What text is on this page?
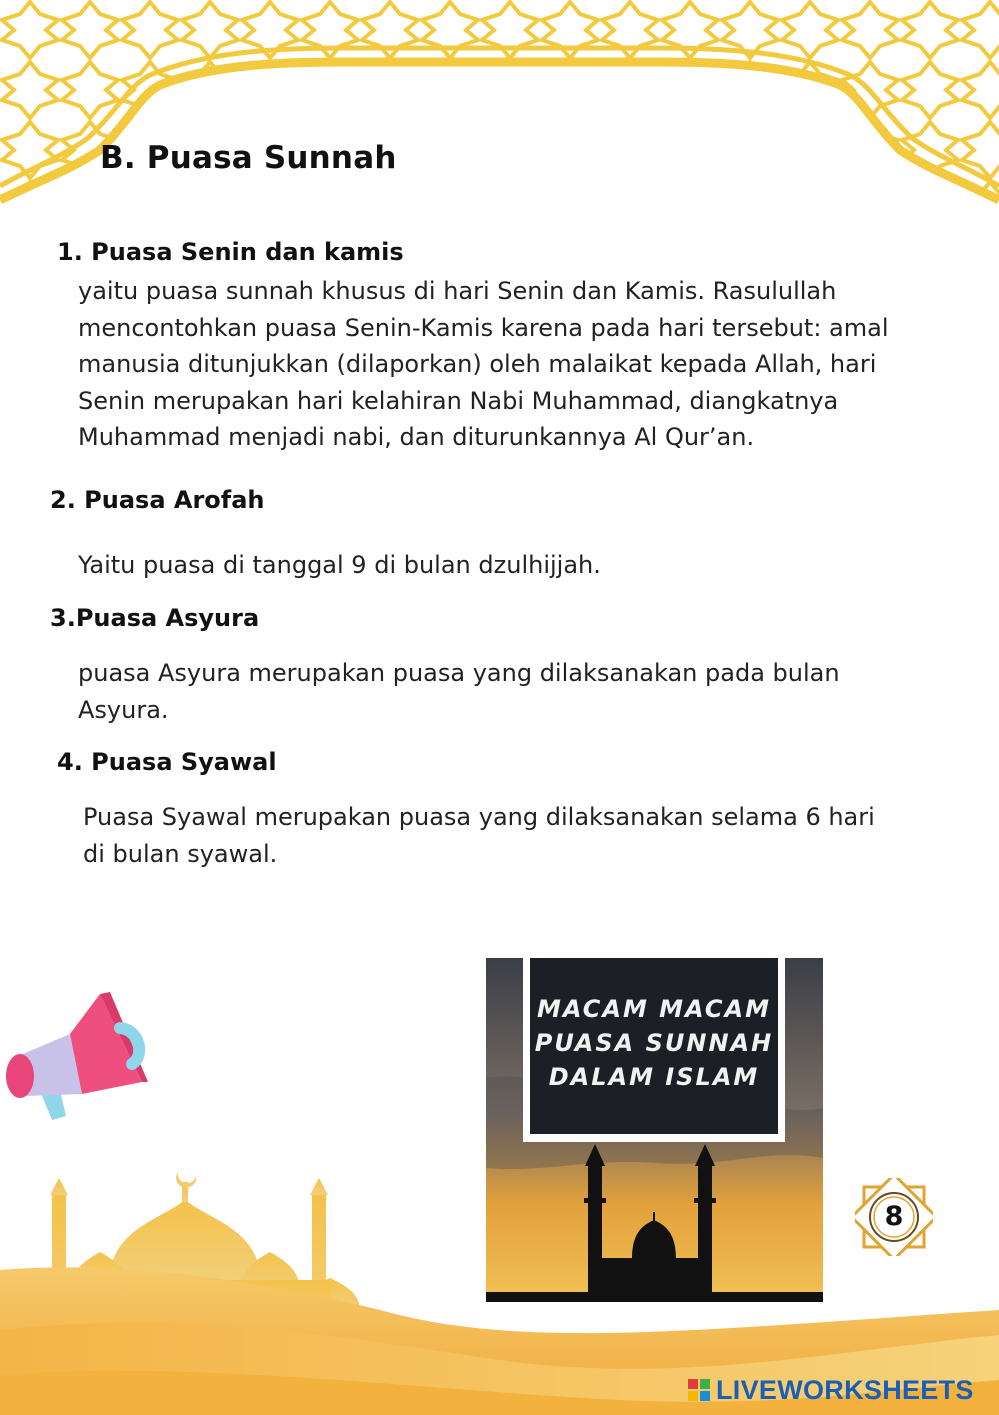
B. Puasa Sunnah
1. Puasa Senin dan kamis
yaitu puasa sunnah khusus di hari Senin dan Kamis. Rasulullah
mencontohkan puasa Senin-Kamis karena pada hari tersebut: amal
manusia ditunjukkan (dilaporkan) oleh malaikat kepada Allah, hari
Senin merupakan hari kelahiran Nabi Muhammad, diangkatnya
Muhammad menjadi nabi, dan diturunkannya Al Qur’an.
2. Puasa Arofah
Yaitu puasa di tanggal 9 di bulan dzulhijjah.
3.Puasa Asyura
puasa Asyura merupakan puasa yang dilaksanakan pada bulan
Asyura.
4. Puasa Syawal
Puasa Syawal merupakan puasa yang dilaksanakan selama 6 hari
di bulan syawal.
MACAM MACAM
PUASA SUNNAH
DALAM ISLAM
8
LIVEWORKSHEETS
